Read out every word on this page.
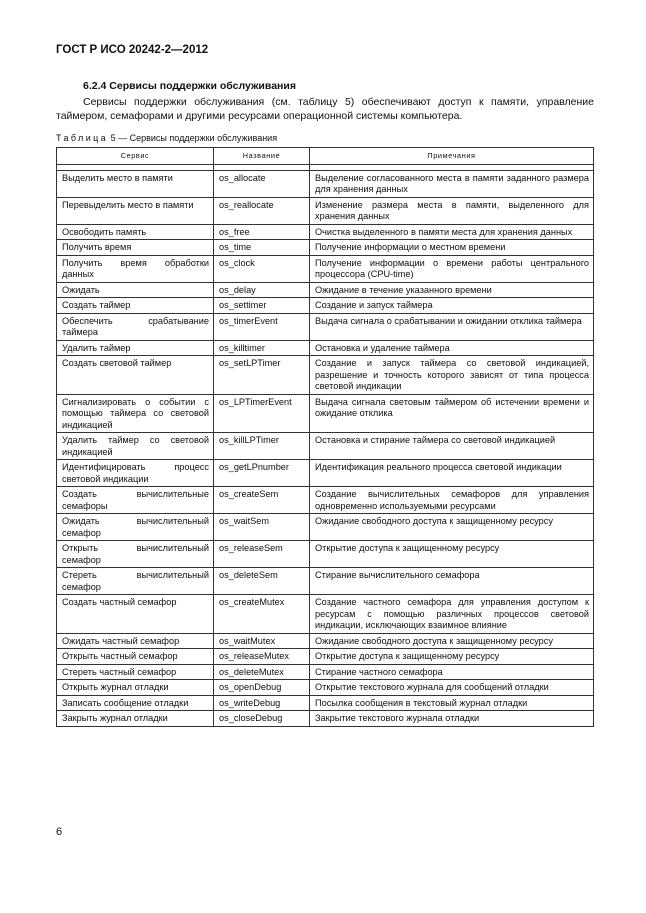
ГОСТ Р ИСО 20242-2—2012
6.2.4 Сервисы поддержки обслуживания
Сервисы поддержки обслуживания (см. таблицу 5) обеспечивают доступ к памяти, управление таймером, семафорами и другими ресурсами операционной системы компьютера.
Таблица 5 — Сервисы поддержки обслуживания
Сервис	Название	Примечания

Выделить место в памяти	os_allocate	Выделение согласованного места в памяти заданного размера для хранения данных
Перевыделить место в памяти	os_reallocate	Изменение размера места в памяти, выделенного для хранения данных
Освободить память	os_free	Очистка выделенного в памяти места для хранения данных
Получить время	os_time	Получение информации о местном времени
Получить время обработки данных	os_clock	Получение информации о времени работы центрального процессора (CPU-time)
Ожидать	os_delay	Ожидание в течение указанного времени
Создать таймер	os_settimer	Создание и запуск таймера
Обеспечить срабатывание таймера	os_timerEvent	Выдача сигнала о срабатывании и ожидании отклика таймера
Удалить таймер	os_killtimer	Остановка и удаление таймера
Создать световой таймер	os_setLPTimer	Создание и запуск таймера со световой индикацией, разрешение и точность которого зависят от типа процесса световой индикации
Сигнализировать о событии с помощью таймера со световой индикацией	os_LPTimerEvent	Выдача сигнала световым таймером об истечении времени и ожидание отклика
Удалить таймер со световой индикацией	os_killLPTimer	Остановка и стирание таймера со световой индикацией
Идентифицировать процесс световой индикации	os_getLPnumber	Идентификация реального процесса световой индикации
Создать вычислительные семафоры	os_createSem	Создание вычислительных семафоров для управления одновременно используемыми ресурсами
Ожидать вычислительный семафор	os_waitSem	Ожидание свободного доступа к защищенному ресурсу
Открыть вычислительный семафор	os_releaseSem	Открытие доступа к защищенному ресурсу
Стереть вычислительный семафор	os_deleteSem	Стирание вычислительного семафора
Создать частный семафор	os_createMutex	Создание частного семафора для управления доступом к ресурсам с помощью различных процессов световой индикации, исключающих взаимное влияние
Ожидать частный семафор	os_waitMutex	Ожидание свободного доступа к защищенному ресурсу
Открыть частный семафор	os_releaseMutex	Открытие доступа к защищенному ресурсу
Стереть частный семафор	os_deleteMutex	Стирание частного семафора
Открыть журнал отладки	os_openDebug	Открытие текстового журнала для сообщений отладки
Записать сообщение отладки	os_writeDebug	Посылка сообщения в текстовый журнал отладки
Закрыть журнал отладки	os_closeDebug	Закрытие текстового журнала отладки
6
